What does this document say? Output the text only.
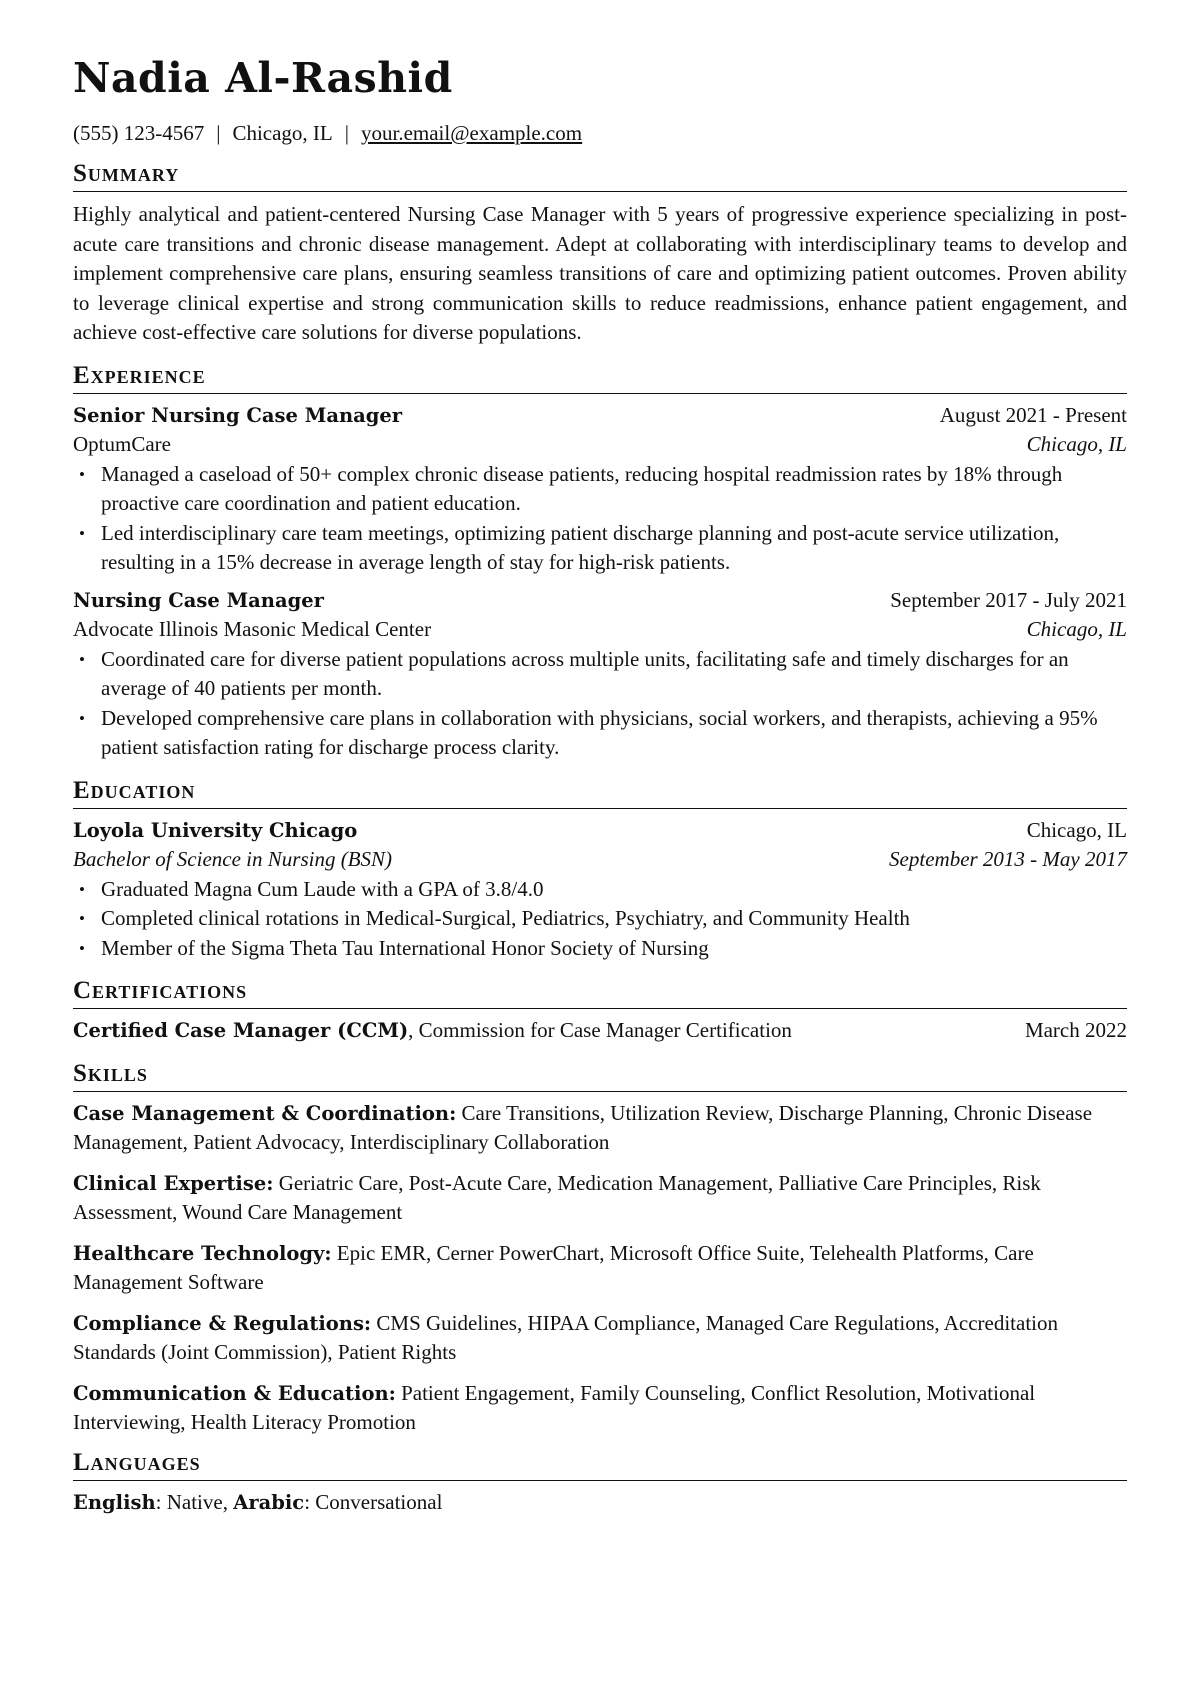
Nadia Al-Rashid
(555) 123-4567 | Chicago, IL | your.email@example.com
Summary
Highly analytical and patient-centered Nursing Case Manager with 5 years of progressive experience specializing in post-acute care transitions and chronic disease management. Adept at collaborating with interdisciplinary teams to develop and implement comprehensive care plans, ensuring seamless transitions of care and optimizing patient outcomes. Proven ability to leverage clinical expertise and strong communication skills to reduce readmissions, enhance patient engagement, and achieve cost-effective care solutions for diverse populations.
Experience
Senior Nursing Case Manager	August 2021 - Present
OptumCare	Chicago, IL
• Managed a caseload of 50+ complex chronic disease patients, reducing hospital readmission rates by 18% through proactive care coordination and patient education.
• Led interdisciplinary care team meetings, optimizing patient discharge planning and post-acute service utilization, resulting in a 15% decrease in average length of stay for high-risk patients.
Nursing Case Manager	September 2017 - July 2021
Advocate Illinois Masonic Medical Center	Chicago, IL
• Coordinated care for diverse patient populations across multiple units, facilitating safe and timely discharges for an average of 40 patients per month.
• Developed comprehensive care plans in collaboration with physicians, social workers, and therapists, achieving a 95% patient satisfaction rating for discharge process clarity.
Education
Loyola University Chicago	Chicago, IL
Bachelor of Science in Nursing (BSN)	September 2013 - May 2017
• Graduated Magna Cum Laude with a GPA of 3.8/4.0
• Completed clinical rotations in Medical-Surgical, Pediatrics, Psychiatry, and Community Health
• Member of the Sigma Theta Tau International Honor Society of Nursing
Certifications
Certified Case Manager (CCM), Commission for Case Manager Certification	March 2022
Skills
Case Management & Coordination: Care Transitions, Utilization Review, Discharge Planning, Chronic Disease Management, Patient Advocacy, Interdisciplinary Collaboration
Clinical Expertise: Geriatric Care, Post-Acute Care, Medication Management, Palliative Care Principles, Risk Assessment, Wound Care Management
Healthcare Technology: Epic EMR, Cerner PowerChart, Microsoft Office Suite, Telehealth Platforms, Care Management Software
Compliance & Regulations: CMS Guidelines, HIPAA Compliance, Managed Care Regulations, Accreditation Standards (Joint Commission), Patient Rights
Communication & Education: Patient Engagement, Family Counseling, Conflict Resolution, Motivational Interviewing, Health Literacy Promotion
Languages
English: Native, Arabic: Conversational
